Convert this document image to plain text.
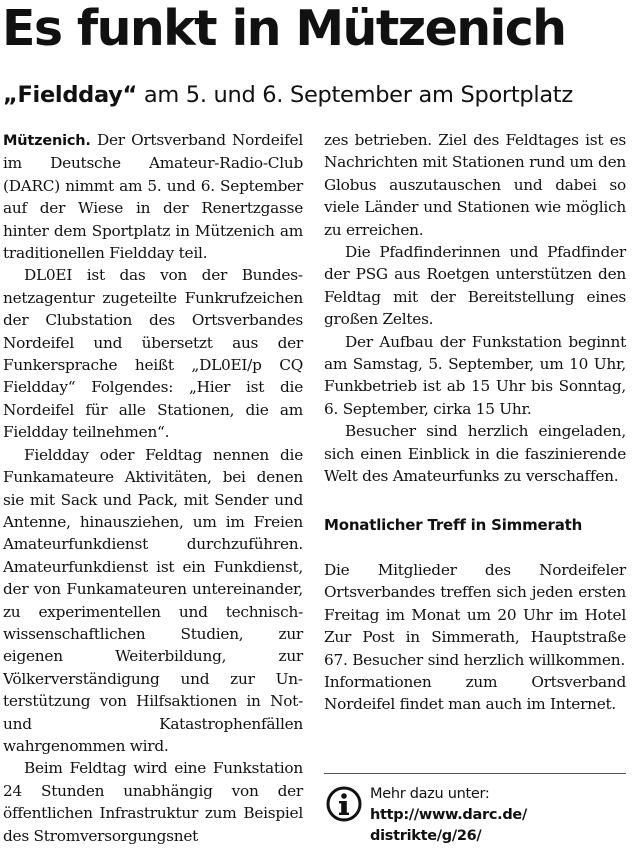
Es funkt in Mützenich
„Fieldday“ am 5. und 6. September am Sportplatz

Mützenich. Der Ortsverband Nordeifel im Deutsche Amateur-Radio-Club (DARC) nimmt am 5. und 6. September auf der Wiese in der Renertzgasse hinter dem Sportplatz in Mützenich am traditionellen Fieldday teil.

DL0EI ist das von der Bundesnetzagentur zugeteilte Funkrufzeichen der Clubstation des Ortsverbandes Nordeifel und übersetzt aus der Funkersprache heißt „DL0EI/p CQ Fieldday“ Folgendes: „Hier ist die Nordeifel für alle Stationen, die am Fieldday teilnehmen“.

Fieldday oder Feldtag nennen die Funkamateure Aktivitäten, bei denen sie mit Sack und Pack, mit Sender und Antenne, hinausziehen, um im Freien Amateurfunkdienst durchzuführen. Amateurfunkdienst ist ein Funkdienst, der von Funkamateuren untereinander, zu experimentellen und technisch-wissenschaftlichen Studien, zur eigenen Weiterbildung, zur Völkerverständigung und zur Unterstützung von Hilfsaktionen in Not- und Katastrophenfällen wahrgenommen wird.

Beim Feldtag wird eine Funkstation 24 Stunden unabhängig von der öffentlichen Infrastruktur zum Beispiel des Stromversorgungsnet

zes betrieben. Ziel des Feldtages ist es Nachrichten mit Stationen rund um den Globus auszutauschen und dabei so viele Länder und Stationen wie möglich zu erreichen.

Die Pfadfinderinnen und Pfadfinder der PSG aus Roetgen unterstützen den Feldtag mit der Bereitstellung eines großen Zeltes.

Der Aufbau der Funkstation beginnt am Samstag, 5. September, um 10 Uhr, Funkbetrieb ist ab 15 Uhr bis Sonntag, 6. September, cirka 15 Uhr.

Besucher sind herzlich eingeladen, sich einen Einblick in die faszinierende Welt des Amateurfunks zu verschaffen.

Monatlicher Treff in Simmerath

Die Mitglieder des Nordeifeler Ortsverbandes treffen sich jeden ersten Freitag im Monat um 20 Uhr im Hotel Zur Post in Simmerath, Hauptstraße 67. Besucher sind herzlich willkommen.

Informationen zum Ortsverband Nordeifel findet man auch im Internet.

Mehr dazu unter:
http://www.darc.de/
distrikte/g/26/
